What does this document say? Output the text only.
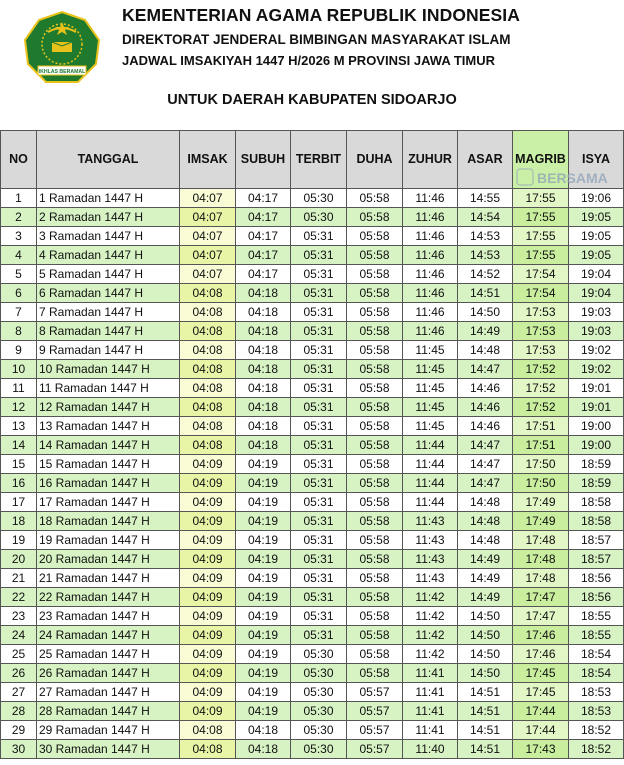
IKHLAS BERAMAL
KEMENTERIAN AGAMA REPUBLIK INDONESIA
DIREKTORAT JENDERAL BIMBINGAN MASYARAKAT ISLAM
JADWAL IMSAKIYAH 1447 H/2026 M PROVINSI JAWA TIMUR
UNTUK DAERAH KABUPATEN SIDOARJO
NO	TANGGAL	IMSAK	SUBUH	TERBIT	DUHA	ZUHUR	ASAR	MAGRIB	ISYA
1	1 Ramadan 1447 H	04:07	04:17	05:30	05:58	11:46	14:55	17:55	19:06
2	2 Ramadan 1447 H	04:07	04:17	05:30	05:58	11:46	14:54	17:55	19:05
3	3 Ramadan 1447 H	04:07	04:17	05:31	05:58	11:46	14:53	17:55	19:05
4	4 Ramadan 1447 H	04:07	04:17	05:31	05:58	11:46	14:53	17:55	19:05
5	5 Ramadan 1447 H	04:07	04:17	05:31	05:58	11:46	14:52	17:54	19:04
6	6 Ramadan 1447 H	04:08	04:18	05:31	05:58	11:46	14:51	17:54	19:04
7	7 Ramadan 1447 H	04:08	04:18	05:31	05:58	11:46	14:50	17:53	19:03
8	8 Ramadan 1447 H	04:08	04:18	05:31	05:58	11:46	14:49	17:53	19:03
9	9 Ramadan 1447 H	04:08	04:18	05:31	05:58	11:45	14:48	17:53	19:02
10	10 Ramadan 1447 H	04:08	04:18	05:31	05:58	11:45	14:47	17:52	19:02
11	11 Ramadan 1447 H	04:08	04:18	05:31	05:58	11:45	14:46	17:52	19:01
12	12 Ramadan 1447 H	04:08	04:18	05:31	05:58	11:45	14:46	17:52	19:01
13	13 Ramadan 1447 H	04:08	04:18	05:31	05:58	11:45	14:46	17:51	19:00
14	14 Ramadan 1447 H	04:08	04:18	05:31	05:58	11:44	14:47	17:51	19:00
15	15 Ramadan 1447 H	04:09	04:19	05:31	05:58	11:44	14:47	17:50	18:59
16	16 Ramadan 1447 H	04:09	04:19	05:31	05:58	11:44	14:47	17:50	18:59
17	17 Ramadan 1447 H	04:09	04:19	05:31	05:58	11:44	14:48	17:49	18:58
18	18 Ramadan 1447 H	04:09	04:19	05:31	05:58	11:43	14:48	17:49	18:58
19	19 Ramadan 1447 H	04:09	04:19	05:31	05:58	11:43	14:48	17:48	18:57
20	20 Ramadan 1447 H	04:09	04:19	05:31	05:58	11:43	14:49	17:48	18:57
21	21 Ramadan 1447 H	04:09	04:19	05:31	05:58	11:43	14:49	17:48	18:56
22	22 Ramadan 1447 H	04:09	04:19	05:31	05:58	11:42	14:49	17:47	18:56
23	23 Ramadan 1447 H	04:09	04:19	05:31	05:58	11:42	14:50	17:47	18:55
24	24 Ramadan 1447 H	04:09	04:19	05:31	05:58	11:42	14:50	17:46	18:55
25	25 Ramadan 1447 H	04:09	04:19	05:30	05:58	11:42	14:50	17:46	18:54
26	26 Ramadan 1447 H	04:09	04:19	05:30	05:58	11:41	14:50	17:45	18:54
27	27 Ramadan 1447 H	04:09	04:19	05:30	05:57	11:41	14:51	17:45	18:53
28	28 Ramadan 1447 H	04:09	04:19	05:30	05:57	11:41	14:51	17:44	18:53
29	29 Ramadan 1447 H	04:08	04:18	05:30	05:57	11:41	14:51	17:44	18:52
30	30 Ramadan 1447 H	04:08	04:18	05:30	05:57	11:40	14:51	17:43	18:52
BERSAMA
